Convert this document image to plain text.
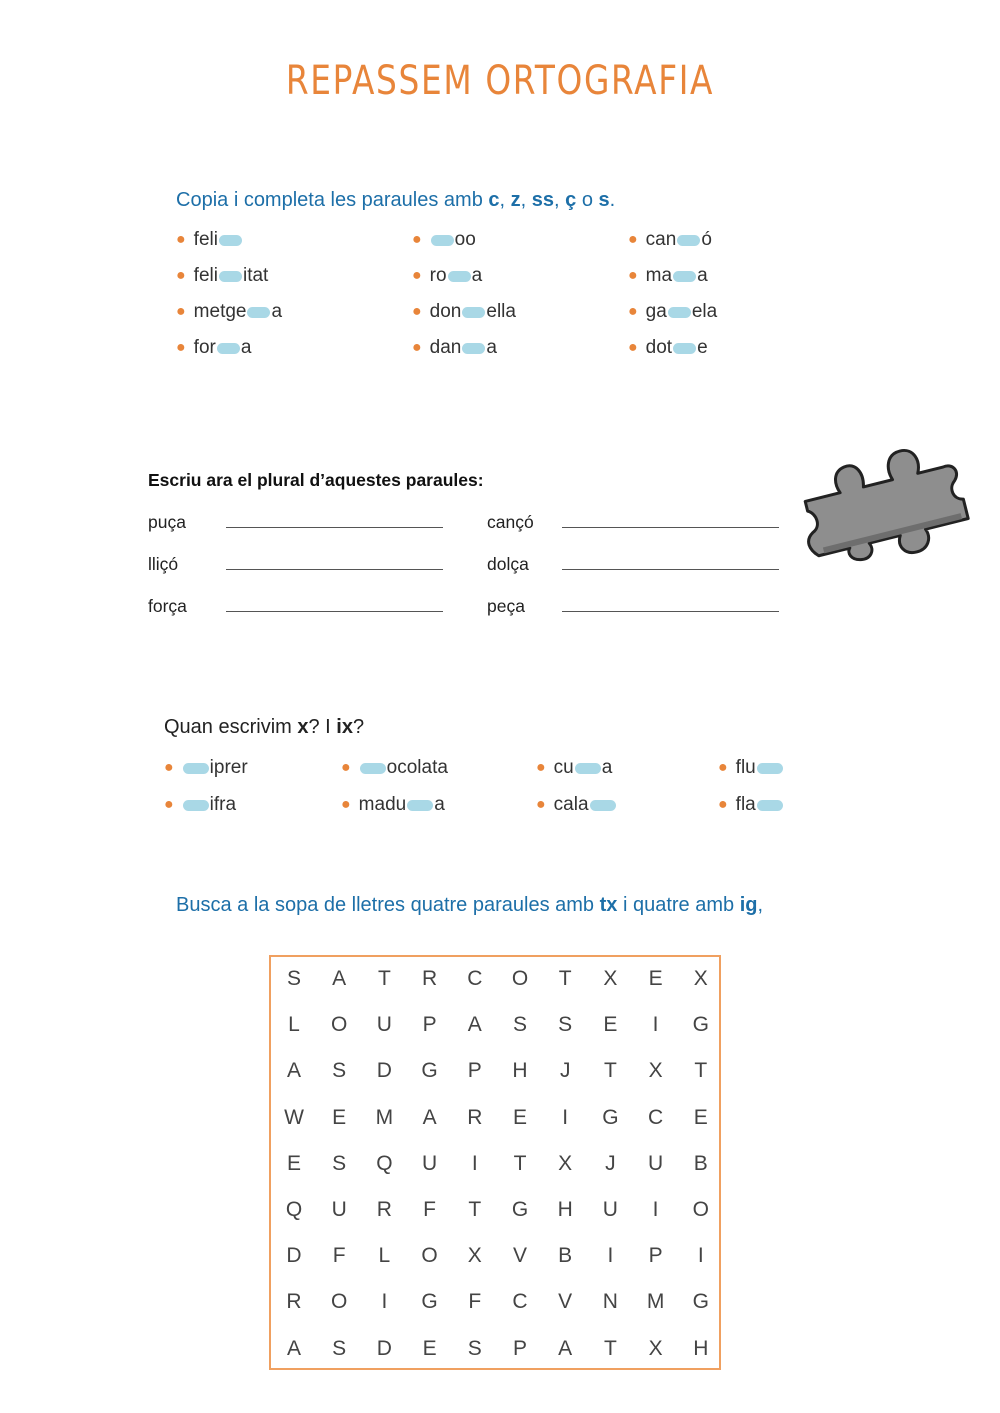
REPASSEM ORTOGRAFIA
Copia i completa les paraules amb c, z, ss, ç o s.
● feli
● feli itat
● metge a
● for a
● oo
● ro a
● don ella
● dan a
● can ó
● ma a
● ga ela
● dot e
Escriu ara el plural d’aquestes paraules:
puça
lliçó
força
cançó
dolça
peça
Quan escrivim x? I ix?
● iprer
● ifra
● ocolata
● madu a
● cu a
● cala
● flu
● fla
Busca a la sopa de lletres quatre paraules amb tx i quatre amb ig,
S	A	T	R	C	O	T	X	E	X
L	O	U	P	A	S	S	E	I	G
A	S	D	G	P	H	J	T	X	T
W	E	M	A	R	E	I	G	C	E
E	S	Q	U	I	T	X	J	U	B
Q	U	R	F	T	G	H	U	I	O
D	F	L	O	X	V	B	I	P	I
R	O	I	G	F	C	V	N	M	G
A	S	D	E	S	P	A	T	X	H
